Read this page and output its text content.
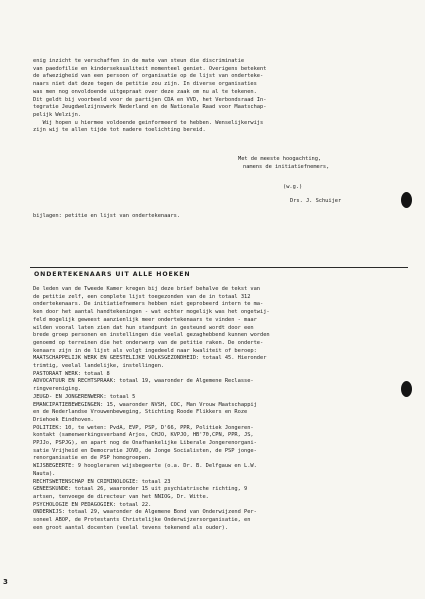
enig inzicht te verschaffen in de mate van steun die discriminatie
van paedofilie en kinderseksualiteit momenteel geniet. Overigens betekent
de afwezigheid van een persoon of organisatie op de lijst van onderteke-
naars niet dat deze tegen de petitie zou zijn. In diverse organisaties
was men nog onvoldoende uitgepraat over deze zaak om nu al te tekenen.
Dit geldt bij voorbeeld voor de partijen CDA en VVD, het Verbondsraad In-
tegratie Jeugdwelzijnswerk Nederland en de Nationale Raad voor Maatschap-
pelijk Welzijn.
Wij hopen u hiermee voldoende geinformeerd te hebben. Wenselijkerwijs
zijn wij te allen tijde tot nadere toelichting bereid.
Met de meeste hoogachting,
namens de initiatiefnemers,
(w.g.)
Drs. J. Schuijer
bijlagen: petitie en lijst van ondertekenaars.
ONDERTEKENAARS UIT ALLE HOEKEN
De leden van de Tweede Kamer kregen bij deze brief behalve de tekst van
de petitie zelf, een complete lijst toegezonden van de in totaal 312
ondertekenaars. De initiatiefnemers hebben niet geprobeerd intern te ma-
ken door het aantal handtekeningen - wat echter mogelijk was het ongetwij-
feld mogelijk geweest aanzienlijk meer ondertekenaars te vinden - maar
wilden vooral laten zien dat hun standpunt in gesteund wordt door een
brede groep personen en instellingen die veelal gezaghebbend kunnen worden
genoemd op terreinen die het onderwerp van de petitie raken. De onderte-
kenaars zijn in de lijst als volgt ingedeeld naar kwaliteit of beroep:
MAATSCHAPPELIJK WERK EN GEESTELIJKE VOLKSGEZONDHEID: totaal 45. Hieronder
trimtig, veelal landelijke, instellingen.
PASTORAAT WERK: totaal 8
ADVOCATUUR EN RECHTSPRAAK: totaal 19, waaronder de Algemene Reclasse-
ringvereniging.
JEUGD- EN JONGERENWERK: totaal 5
EMANCIPATIEBEWEGINGEN: 15, waaronder NVSH, COC, Man Vrouw Maatschappij
en de Nederlandse Vrouwenbeweging, Stichting Roode Flikkers en Roze
Driehoek Eindhoven.
POLITIEK: 10, te weten: PvdA, EVP, PSP, D'66, PPR, Politiek Jongeren-
kontakt (samenwerkingsverband Arjos, CHJO, KVPJO, HB'70,CPN, PPR, JS,
PPJJo, PSPJG), en apart nog de Onafhankelijke Liberale Jongerenorgani-
satie Vrijheid en Democratie JOVD, de Jonge Socialisten, de PSP jonge-
renorganisatie en de PSP homogroepen.
WIJSBEGEERTE: 9 hoogleraren wijsbegeerte (o.a. Dr. B. Delfgauw en L.W.
Nauta).
RECHTSWETENSCHAP EN CRIMINOLOGIE: totaal 23
GENEESKUNDE: totaal 26, waaronder 15 uit psychiatrische richting, 9
artsen, tenvoege de directeur van het NNIOG, Dr. Witte.
PSYCHOLOGIE EN PEDAGOGIEK: totaal 22.
ONDERWIJS: totaal 29, waaronder de Algemene Bond van Onderwijzend Per-
soneel ABOP, de Protestants Christelijke Onderwijzersorganisatie, en
een groot aantal docenten (veelal tevens tekenend als ouder).
3
